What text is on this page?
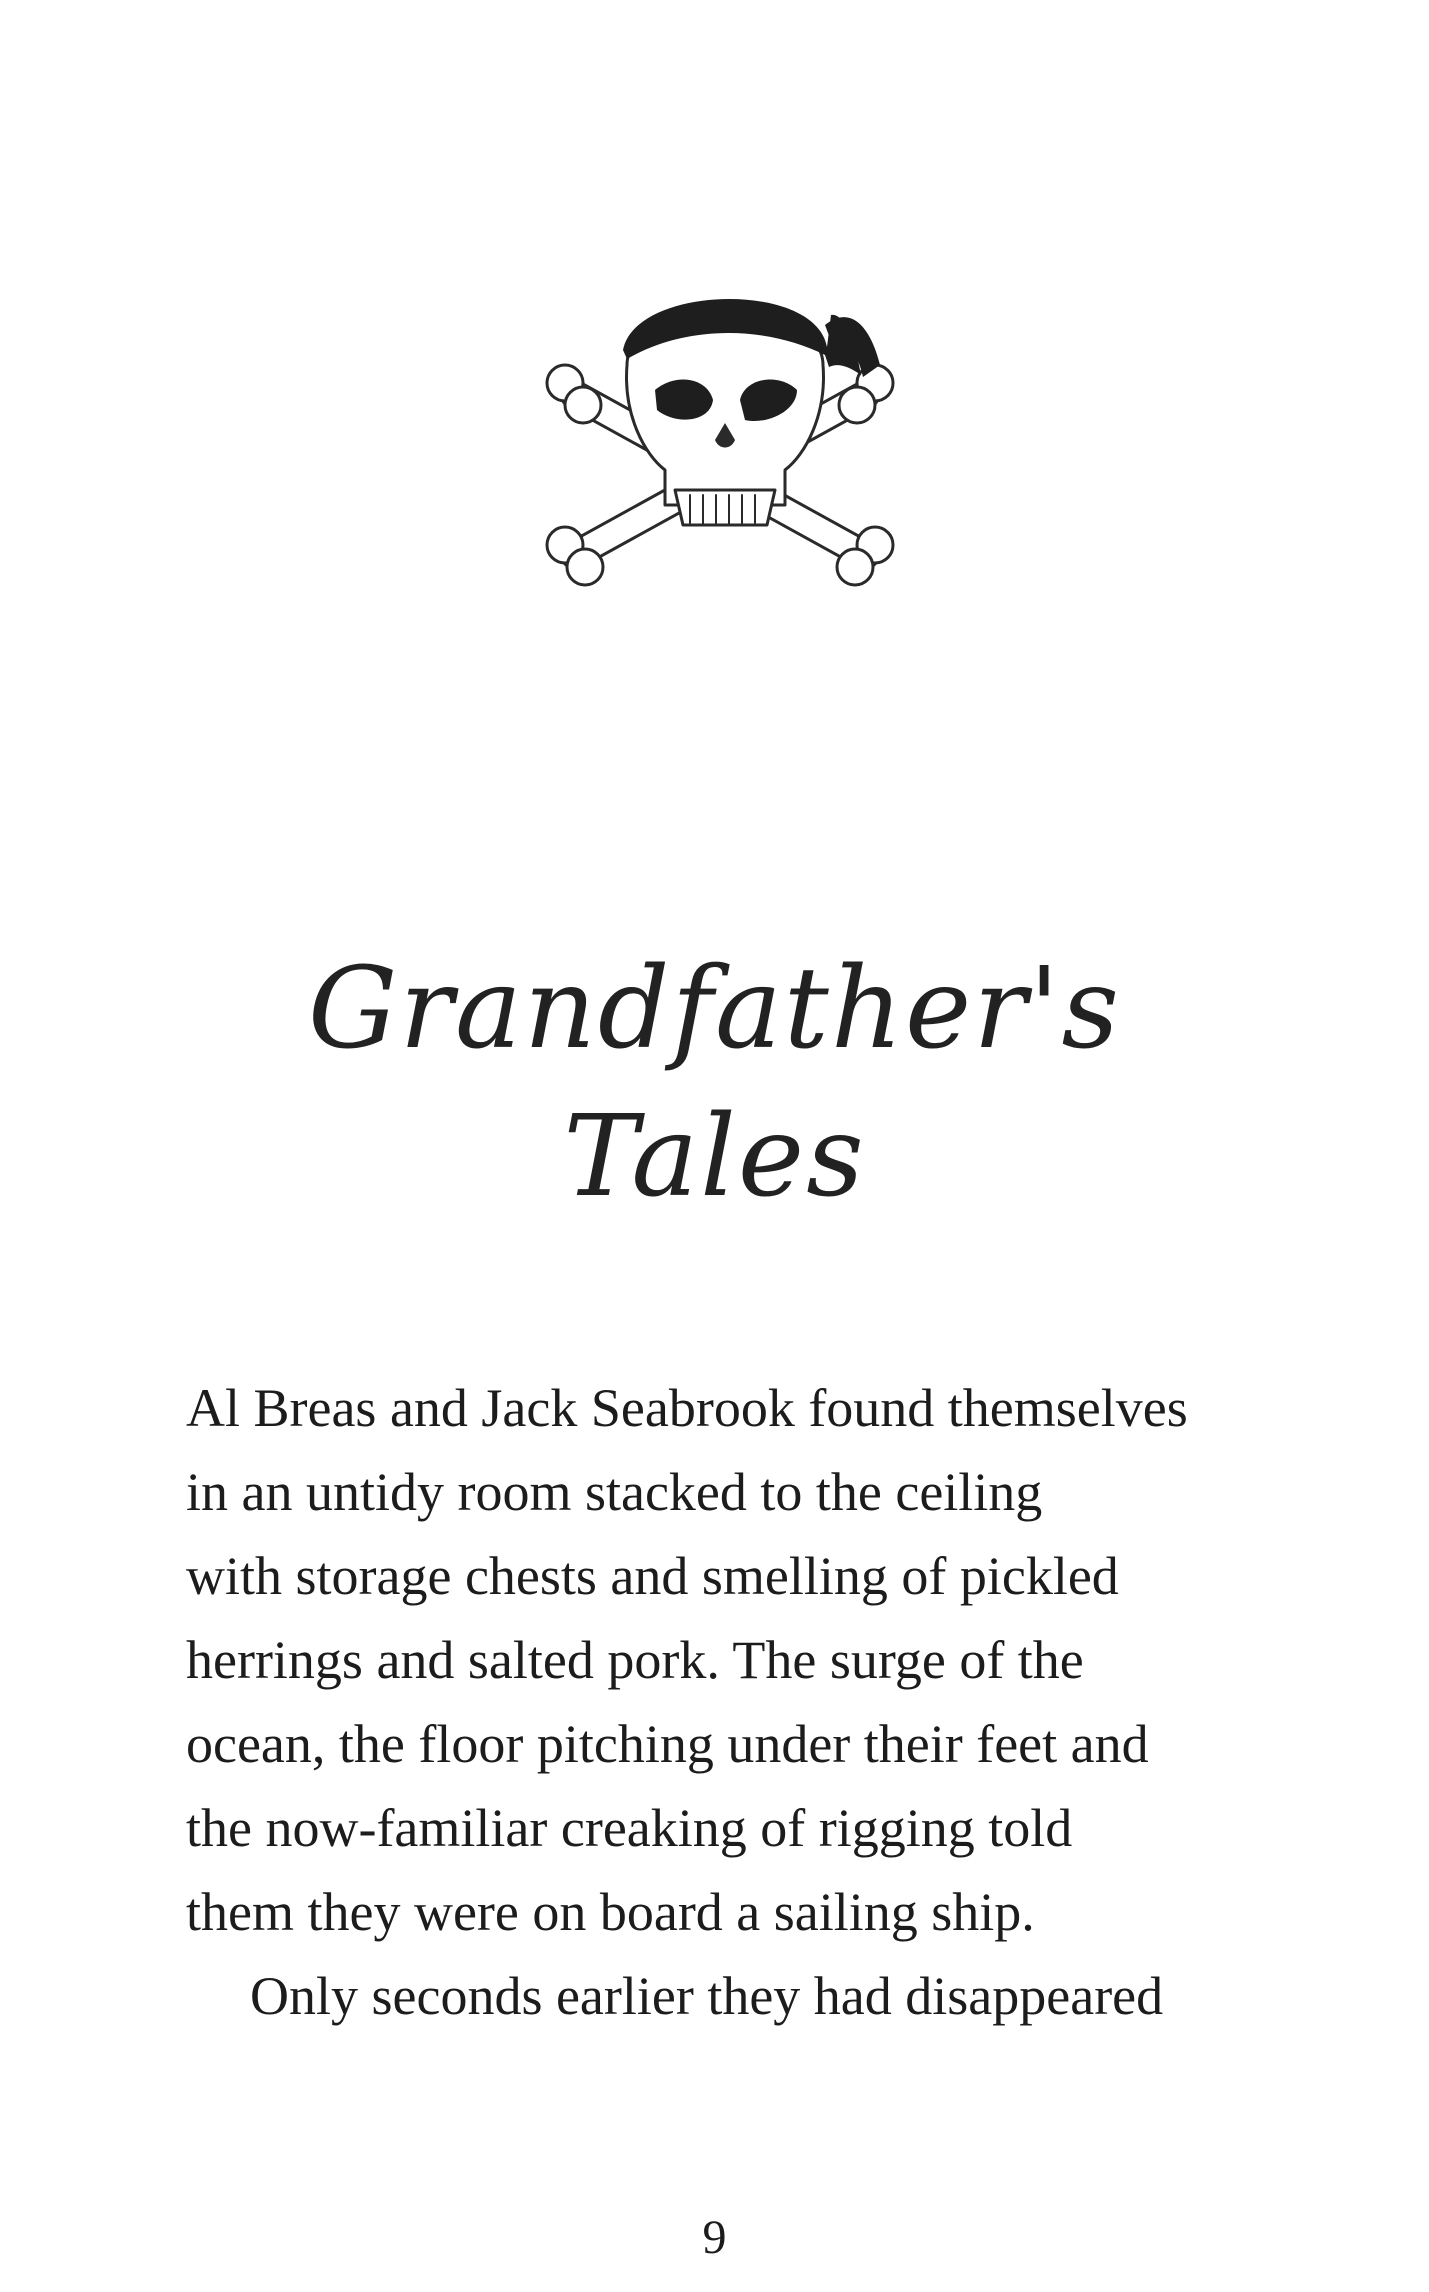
Grandfather's
Tales
Al Breas and Jack Seabrook found themselves
in an untidy room stacked to the ceiling
with storage chests and smelling of pickled
herrings and salted pork. The surge of the
ocean, the floor pitching under their feet and
the now-familiar creaking of rigging told
them they were on board a sailing ship.
Only seconds earlier they had disappeared
9
